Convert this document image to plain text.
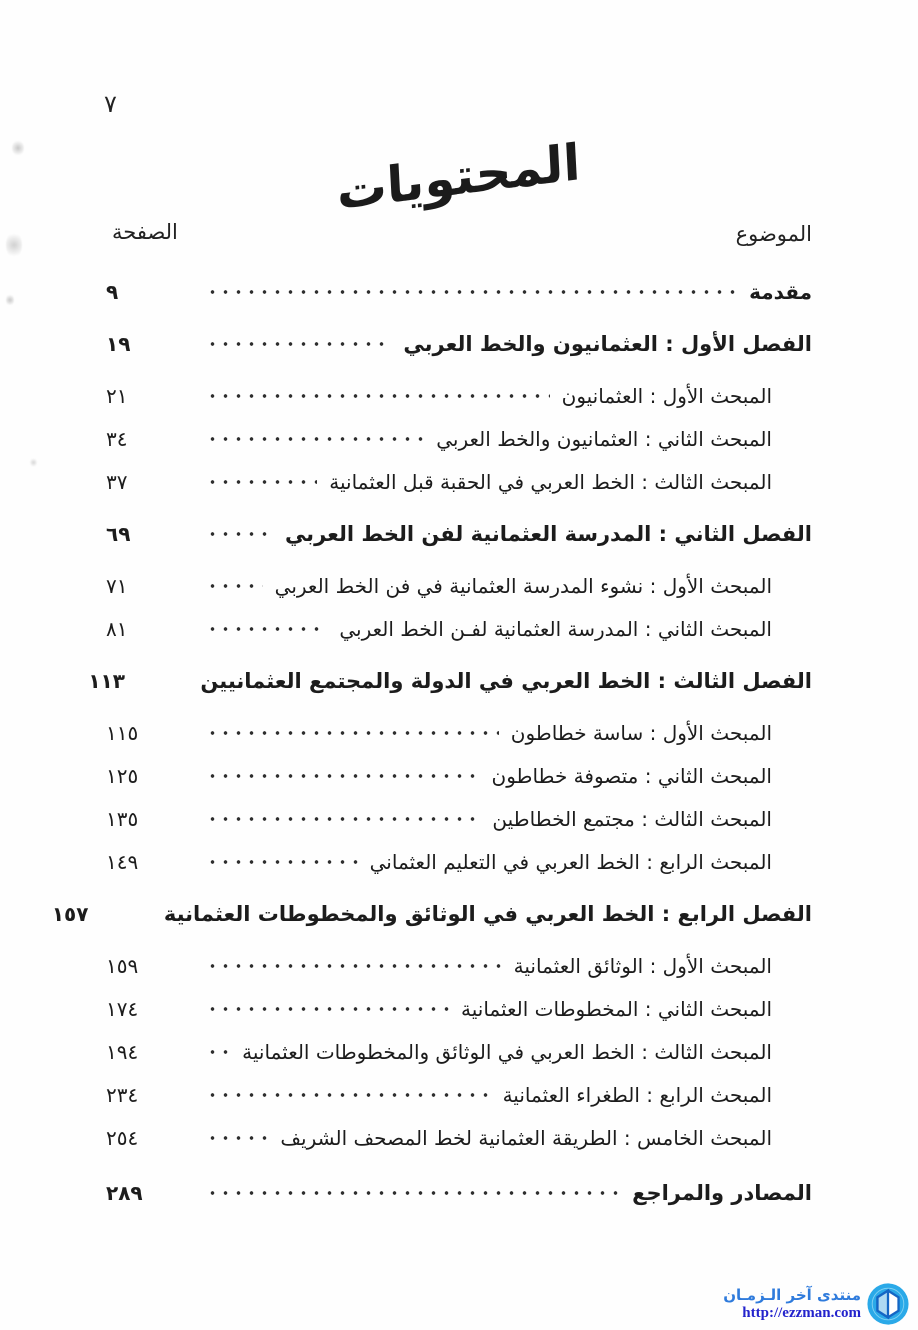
٧
المحتويات
الموضوع
الصفحة
مقدمة
٩
الفصل الأول : العثمانيون والخط العربي
١٩
المبحث الأول : العثمانيون
٢١
المبحث الثاني : العثمانيون والخط العربي
٣٤
المبحث الثالث : الخط العربي في الحقبة قبل العثمانية
٣٧
الفصل الثاني : المدرسة العثمانية لفن الخط العربي
٦٩
المبحث الأول : نشوء المدرسة العثمانية في فن الخط العربي
٧١
المبحث الثاني : المدرسة العثمانية لفـن الخط العربي
٨١
الفصل الثالث : الخط العربي في الدولة والمجتمع العثمانيين
١١٣
المبحث الأول : ساسة خطاطون
١١٥
المبحث الثاني : متصوفة خطاطون
١٢٥
المبحث الثالث : مجتمع الخطاطين
١٣٥
المبحث الرابع : الخط العربي في التعليم العثماني
١٤٩
الفصل الرابع : الخط العربي في الوثائق والمخطوطات العثمانية
١٥٧
المبحث الأول : الوثائق العثمانية
١٥٩
المبحث الثاني : المخطوطات العثمانية
١٧٤
المبحث الثالث : الخط العربي في الوثائق والمخطوطات العثمانية
١٩٤
المبحث الرابع : الطغراء العثمانية
٢٣٤
المبحث الخامس : الطريقة العثمانية لخط المصحف الشريف
٢٥٤
المصادر والمراجع
٢٨٩
منتدى آخر الـزمـان
http://ezzman.com
